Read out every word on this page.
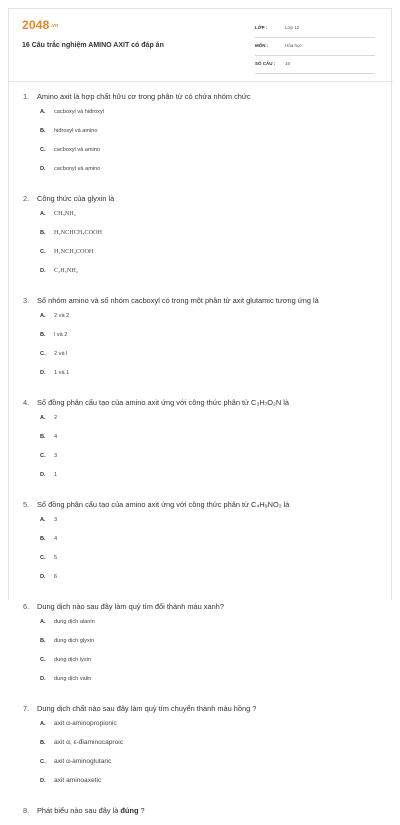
2048.vn
16 Câu trắc nghiệm AMINO AXIT có đáp án
LỚP :	Lớp 12
MÔN :	Hóa học
SỐ CÂU : 16
1.	Amino axit là hợp chất hữu cơ trong phân tử có chứa nhóm chức
A.	cacboxyl và hiđroxyl
B.	hiđroxyl và amino
C.	cacboxyl và amino
D.	cacbonyl và amino
2.	Công thức của glyxin là
A.	CH₃NH₂
B.	H₂NCHCH₃COOH
C.	H₂NCH₂COOH
D.	C₂H₅NH₂
3.	Số nhóm amino và số nhóm cacboxyl có trong một phân tử axit glutamic tương ứng là
A.	2 và 2
B.	l và 2
C.	2 và l
D.	1 và 1
4.	Số đồng phân cấu tạo của amino axit ứng với công thức phân tử C₃H₇O₂N là
A.	2
B.	4
C.	3
D.	1
5.	Số đồng phân cấu tạo của amino axit ứng với công thức phân tử C₄H₉NO₂ là
A.	3
B.	4
C.	5
D.	6
6.	Dung dịch nào sau đây làm quỳ tím đổi thành màu xanh?
A.	dung dịch alanin
B.	dung dịch glyxin
C.	dung dịch lysin
D.	dung dịch valin
7.	Dung dịch chất nào sau đây làm quỳ tím chuyển thành màu hồng ?
A.	axit α-aminopropionic
B.	axit α, ε-điaminocaproic
C.	axit α-aminoglutaric
D.	axit aminoaxetic
8.	Phát biểu nào sau đây là đúng ?
